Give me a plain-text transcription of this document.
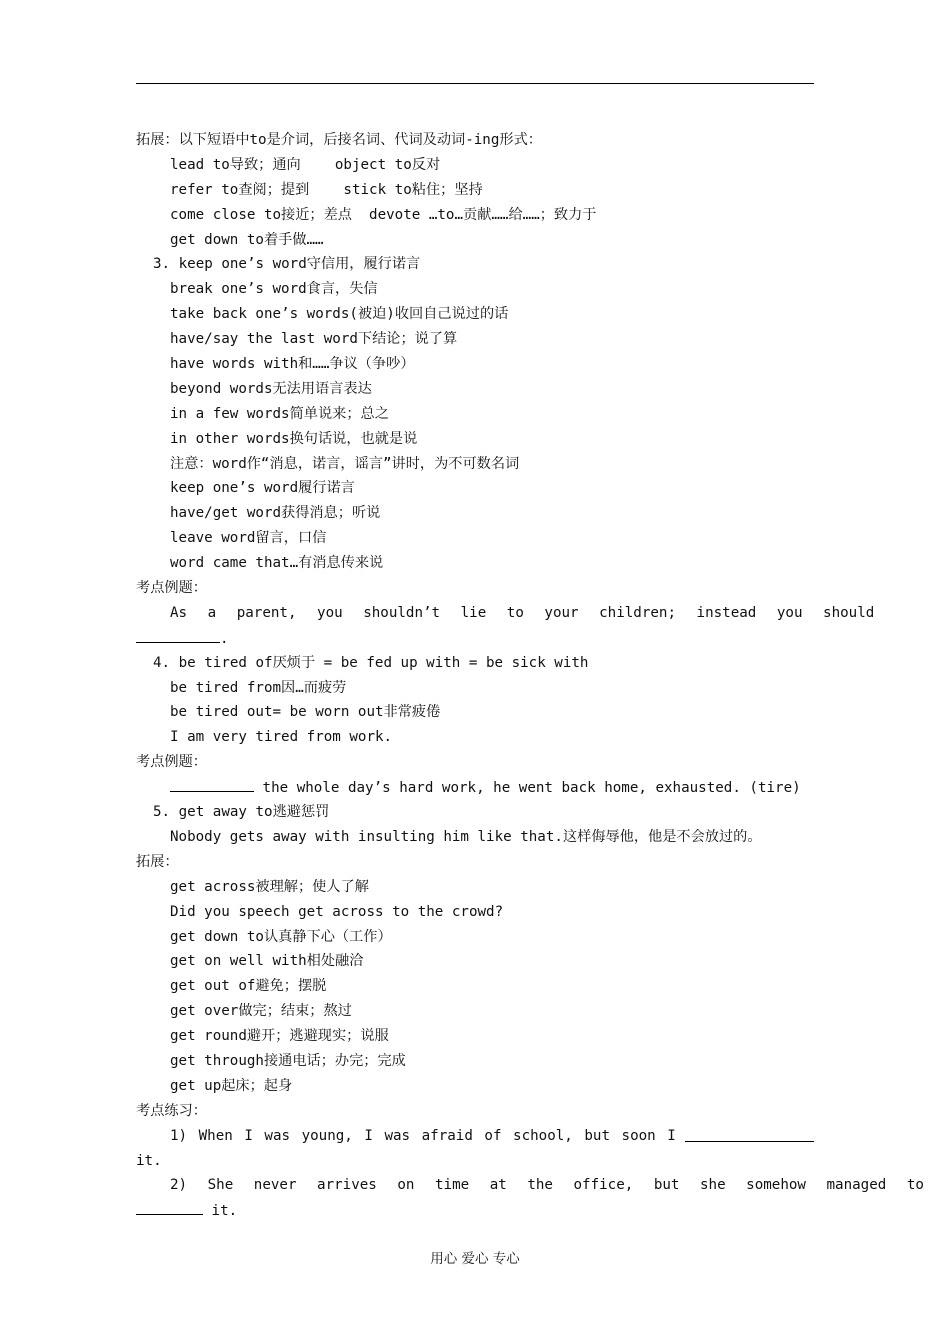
拓展：以下短语中to是介词，后接名词、代词及动词-ing形式：
lead to导致；通向    object to反对
refer to查阅；提到    stick to粘住；坚持
come close to接近；差点  devote …to…贡献……给……；致力于
get down to着手做……
3. keep one’s word守信用，履行诺言
break one’s word食言，失信
take back one’s words(被迫)收回自己说过的话
have/say the last word下结论；说了算
have words with和……争议（争吵）
beyond words无法用语言表达
in a few words简单说来；总之
in other words换句话说，也就是说
注意：word作“消息，诺言，谣言”讲时，为不可数名词
keep one’s word履行诺言
have/get word获得消息；听说
leave word留言，口信
word came that…有消息传来说
考点例题：
As a parent, you shouldn’t lie to your children; instead you should
.
4. be tired of厌烦于 = be fed up with = be sick with
be tired from因…而疲劳
be tired out= be worn out非常疲倦
I am very tired from work.
考点例题：
the whole day’s hard work, he went back home, exhausted. (tire)
5. get away to逃避惩罚
Nobody gets away with insulting him like that.这样侮辱他，他是不会放过的。
拓展：
get across被理解；使人了解
Did you speech get across to the crowd?
get down to认真静下心（工作）
get on well with相处融洽
get out of避免；摆脱
get over做完；结束；熬过
get round避开；逃避现实；说服
get through接通电话；办完；完成
get up起床；起身
考点练习：
1) When I was young, I was afraid of school, but soon I
it.
2) She never arrives on time at the office, but she somehow managed to
it.
用心 爱心 专心
